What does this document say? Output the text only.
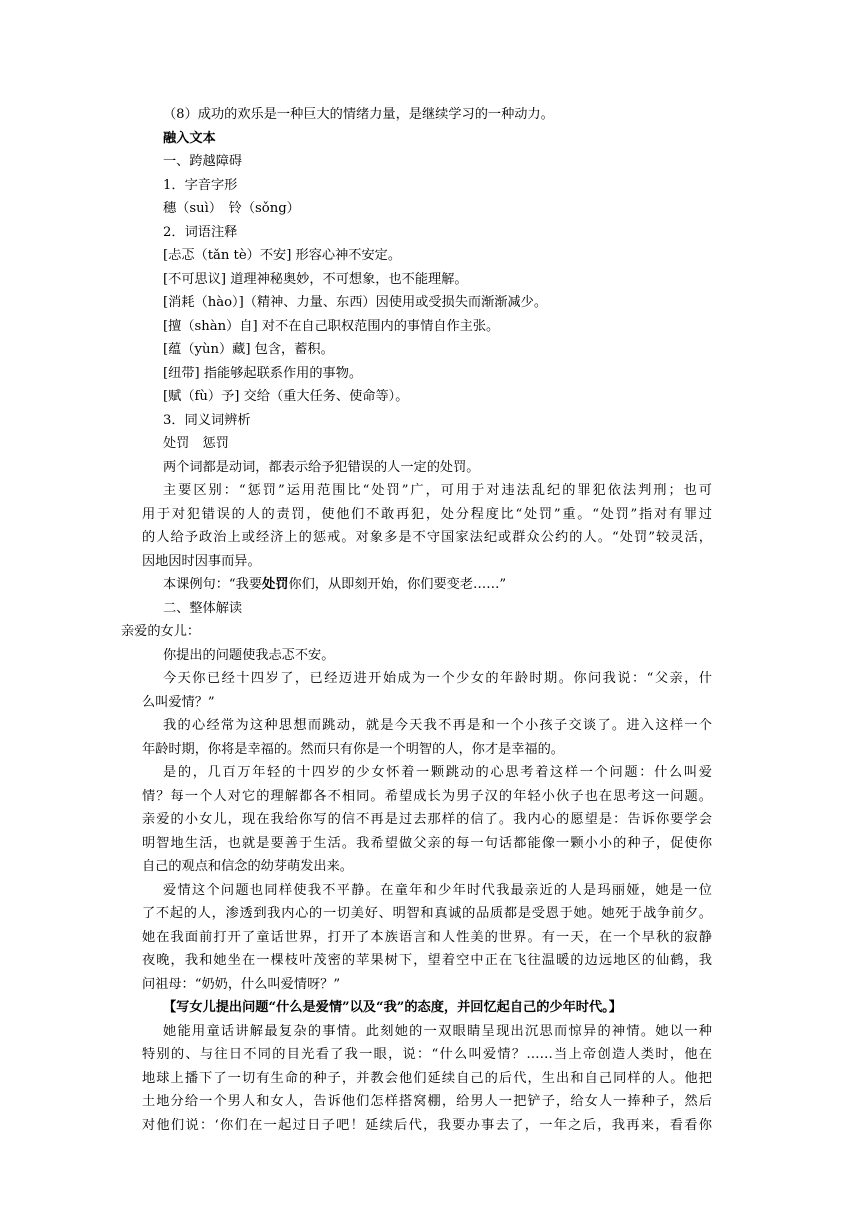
（8）成功的欢乐是一种巨大的情绪力量，是继续学习的一种动力。
融入文本
一、跨越障碍
1．字音字形
穗（suì）　铃（sǒng）
2．词语注释
[忐忑（tǎn tè）不安] 形容心神不安定。
[不可思议] 道理神秘奥妙，不可想象，也不能理解。
[消耗（hào）]（精神、力量、东西）因使用或受损失而渐渐减少。
[擅（shàn）自] 对不在自己职权范围内的事情自作主张。
[蕴（yùn）藏] 包含，蓄积。
[纽带] 指能够起联系作用的事物。
[赋（fù）予] 交给（重大任务、使命等）。
3．同义词辨析
处罚　惩罚
两个词都是动词，都表示给予犯错误的人一定的处罚。
主要区别：“惩罚”运用范围比“处罚”广，可用于对违法乱纪的罪犯依法判刑；也可
用于对犯错误的人的责罚，使他们不敢再犯，处分程度比“处罚”重。“处罚”指对有罪过
的人给予政治上或经济上的惩戒。对象多是不守国家法纪或群众公约的人。“处罚”较灵活，
因地因时因事而异。
本课例句：“我要处罚你们，从即刻开始，你们要变老……”
二、整体解读
亲爱的女儿：
你提出的问题使我忐忑不安。
今天你已经十四岁了，已经迈进开始成为一个少女的年龄时期。你问我说：“父亲，什
么叫爱情？”
我的心经常为这种思想而跳动，就是今天我不再是和一个小孩子交谈了。进入这样一个
年龄时期，你将是幸福的。然而只有你是一个明智的人，你才是幸福的。
是的，几百万年轻的十四岁的少女怀着一颗跳动的心思考着这样一个问题：什么叫爱
情？每一个人对它的理解都各不相同。希望成长为男子汉的年轻小伙子也在思考这一问题。
亲爱的小女儿，现在我给你写的信不再是过去那样的信了。我内心的愿望是：告诉你要学会
明智地生活，也就是要善于生活。我希望做父亲的每一句话都能像一颗小小的种子，促使你
自己的观点和信念的幼芽萌发出来。
爱情这个问题也同样使我不平静。在童年和少年时代我最亲近的人是玛丽娅，她是一位
了不起的人，渗透到我内心的一切美好、明智和真诚的品质都是受恩于她。她死于战争前夕。
她在我面前打开了童话世界，打开了本族语言和人性美的世界。有一天，在一个早秋的寂静
夜晚，我和她坐在一棵枝叶茂密的苹果树下，望着空中正在飞往温暖的边远地区的仙鹤，我
问祖母：“奶奶，什么叫爱情呀？”
【写女儿提出问题“什么是爱情”以及“我”的态度，并回忆起自己的少年时代。】
她能用童话讲解最复杂的事情。此刻她的一双眼睛呈现出沉思而惊异的神情。她以一种
特别的、与往日不同的目光看了我一眼，说：“什么叫爱情？……当上帝创造人类时，他在
地球上播下了一切有生命的种子，并教会他们延续自己的后代，生出和自己同样的人。他把
土地分给一个男人和女人，告诉他们怎样搭窝棚，给男人一把铲子，给女人一捧种子，然后
对他们说：‘你们在一起过日子吧！延续后代，我要办事去了，一年之后，我再来，看看你
